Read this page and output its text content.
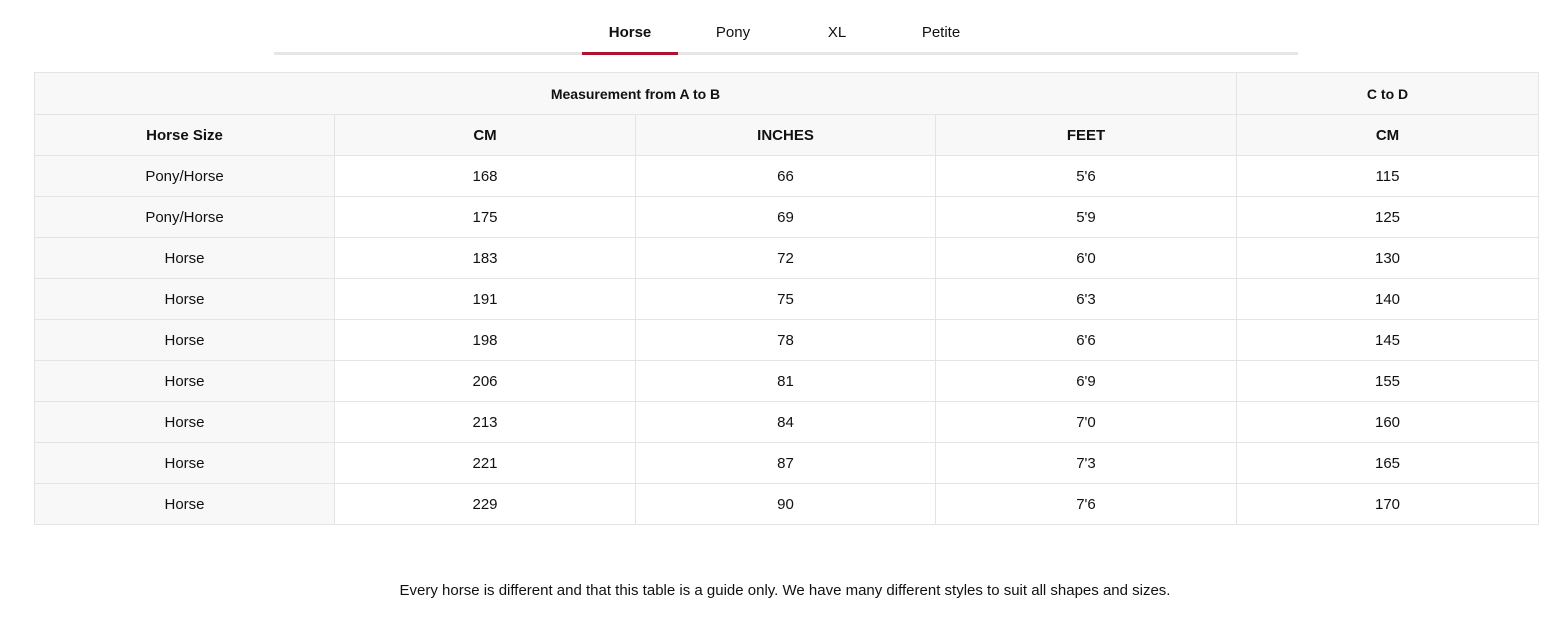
Horse	Pony	XL	Petite
Measurement from A to B				C to D
Horse Size	CM	INCHES	FEET	CM
Pony/Horse	168	66	5'6	115
Pony/Horse	175	69	5'9	125
Horse	183	72	6'0	130
Horse	191	75	6'3	140
Horse	198	78	6'6	145
Horse	206	81	6'9	155
Horse	213	84	7'0	160
Horse	221	87	7'3	165
Horse	229	90	7'6	170
Every horse is different and that this table is a guide only. We have many different styles to suit all shapes and sizes.
